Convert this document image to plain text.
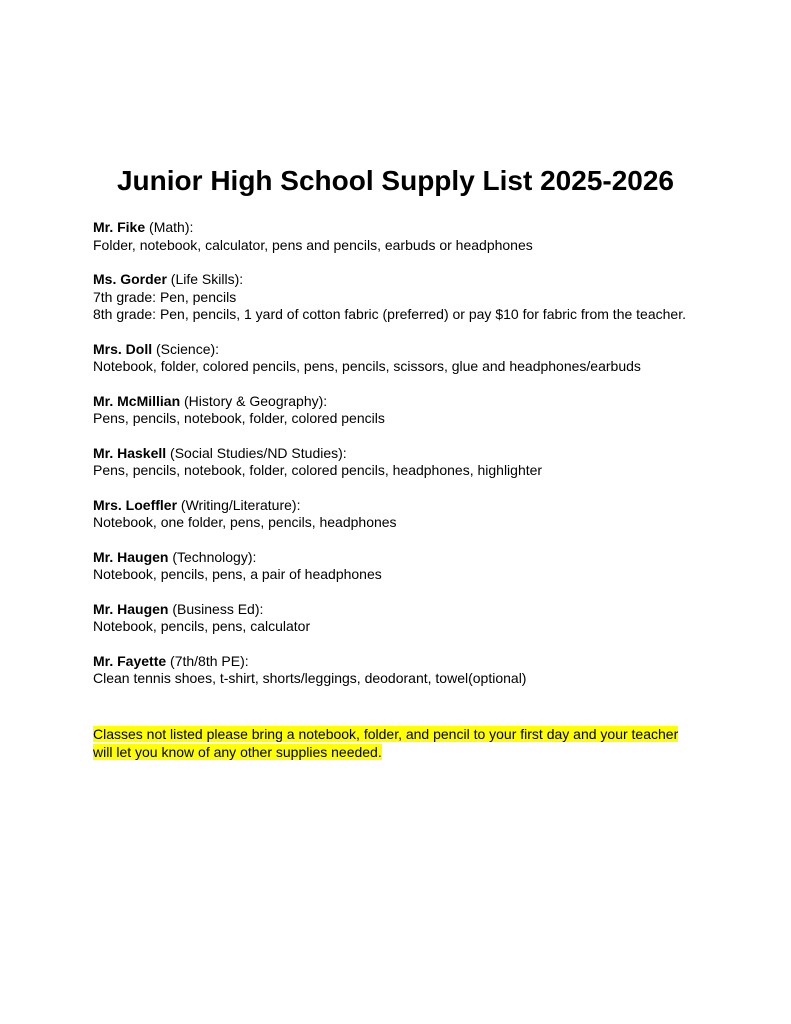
Junior High School Supply List 2025-2026

Mr. Fike (Math):

Folder, notebook, calculator, pens and pencils, earbuds or headphones

Ms. Gorder (Life Skills):

7th grade: Pen, pencils

8th grade: Pen, pencils, 1 yard of cotton fabric (preferred) or pay $10 for fabric from the teacher.

Mrs. Doll (Science):

Notebook, folder, colored pencils, pens, pencils, scissors, glue and headphones/earbuds

Mr. McMillian (History & Geography):

Pens, pencils, notebook, folder, colored pencils

Mr. Haskell (Social Studies/ND Studies):

Pens, pencils, notebook, folder, colored pencils, headphones, highlighter

Mrs. Loeffler (Writing/Literature):

Notebook, one folder, pens, pencils, headphones

Mr. Haugen (Technology):

Notebook, pencils, pens, a pair of headphones

Mr. Haugen (Business Ed):

Notebook, pencils, pens, calculator

Mr. Fayette (7th/8th PE):

Clean tennis shoes, t-shirt, shorts/leggings, deodorant, towel(optional)

Classes not listed please bring a notebook, folder, and pencil to your first day and your teacher
will let you know of any other supplies needed.
